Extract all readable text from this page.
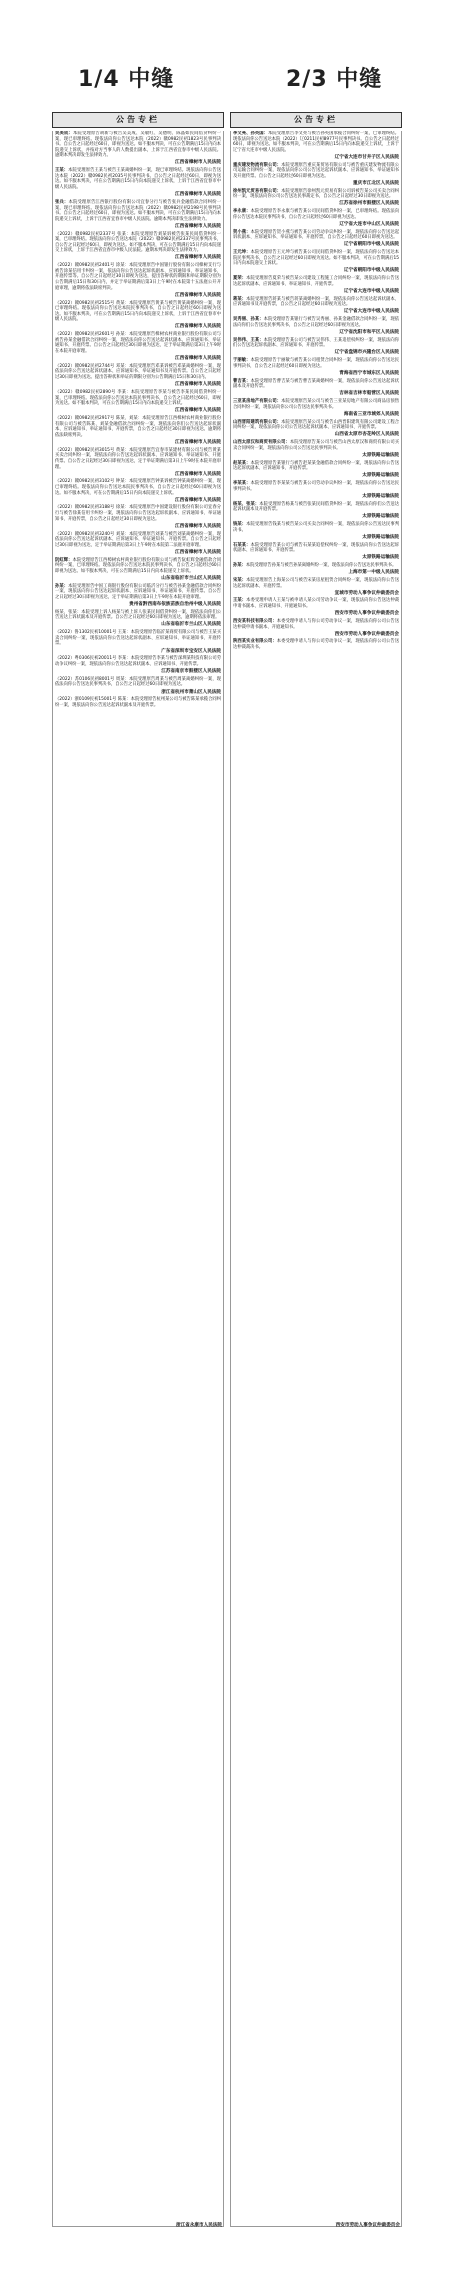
1/4 中缝	2/3 中缝
公告专栏

吴美成：本院受理原告胡新与被告吴美成、吴敏红、吴德明、陈晶如民间借贷纠纷一案，现已审理终结。现依法向你公告送达本院（2022）赣0982民初1823号民事判决书。自公告之日起经过60日，即视为送达。如不服本判决，可在公告期满后15日内向本院递交上诉状，并按对方当事人的人数提出副本，上诉于江西省宜春市中级人民法院。逾期本判决即发生法律效力。

江西省樟树市人民法院

王某：本院受理原告王某与被告王某离婚纠纷一案，现已审理终结。现依法向你公告送达本院（2022）赣0982民初2035号民事判决书。自公告之日起经过60日，即视为送达。如不服本判决，可在公告期满后15日内向本院递交上诉状，上诉于江西省宜春市中级人民法院。

江西省樟树市人民法院

张兵：本院受理原告江西银行股份有限公司宜春分行与被告张兵金融借款合同纠纷一案，现已审理终结。现依法向你公告送达本院（2022）赣0982民初2198号民事判决书。自公告之日起经过60日，即视为送达。如不服本判决，可在公告期满后15日内向本院递交上诉状，上诉于江西省宜春市中级人民法院。逾期本判决即发生法律效力。

江西省樟树市人民法院

（2022）赣0982民初2337号 张某：本院受理原告刘某诉被告张某民间借贷纠纷一案，已审理终结。现依法向你公告送达本院（2022）赣0982民初2337号民事判决书，自公告之日起经过60日，即视为送达。如不服本判决，可在公告期满后15日内向本院递交上诉状，上诉于江西省宜春市中级人民法院。逾期本判决即发生法律效力。

江西省樟树市人民法院

（2022）赣0982民初2401号 涂某：本院受理原告中国银行股份有限公司樟树支行与被告涂某信用卡纠纷一案，依法向你公告送达起诉状副本、应诉通知书、举证通知书、开庭传票等。自公告之日起经过30日即视为送达，提出答辩状的期限和举证期限分别为公告期满后15日和30日内，并定于举证期满后第3日上午9时在本院第十五法庭公开开庭审理，逾期将依法缺席判决。

江西省樟树市人民法院

（2022）赣0982民初2515号 黄某：本院受理原告黄某与被告黄某离婚纠纷一案，现已审理终结。现依法向你公告送达本院民事判决书，自公告之日起经过60日即视为送达。如不服本判决，可在公告期满后15日内向本院递交上诉状，上诉于江西省宜春市中级人民法院。

江西省樟树市人民法院

（2022）赣0982民初2601号 孙某：本院受理原告樟树农村商业银行股份有限公司与被告孙某金融借款合同纠纷一案，现依法向你公告送达起诉状副本、应诉通知书、举证通知书、开庭传票。自公告之日起经过30日即视为送达，定于举证期满后第3日上午9时在本院开庭审理。

江西省樟树市人民法院

（2022）赣0982民初2744号 邓某：本院受理原告邓某诉被告邓某离婚纠纷一案，现依法向你公告送达起诉状副本、应诉通知书、举证通知书及开庭传票。自公告之日起经过30日即视为送达。提出答辩状和举证的期限分别为公告期满后15日和30日内。

江西省樟树市人民法院

（2022）赣0982民初2890号 李某：本院受理原告李某与被告李某民间借贷纠纷一案，已审理终结。现依法向你公告送达本院民事判决书，自公告之日起经过60日，即视为送达。如不服本判决，可在公告期满后15日内向本院递交上诉状。

江西省樟树市人民法院

（2022）赣0982民初2917号 陈某、刘某：本院受理原告江西樟树农村商业银行股份有限公司与被告陈某、刘某金融借款合同纠纷一案，现依法向你们公告送达起诉状副本、应诉通知书、举证通知书、开庭传票，自公告之日起经过30日即视为送达。逾期将依法缺席判决。

江西省樟树市人民法院

（2022）赣0982民初3015号 黄某：本院受理原告宜春市某建材有限公司与被告黄某买卖合同纠纷一案，现依法向你公告送达起诉状副本、应诉通知书、举证通知书、开庭传票。自公告之日起经过30日即视为送达，定于举证期满后第3日上午9时在本院开庭审理。

江西省樟树市人民法院

（2022）赣0982民初3102号 钟某：本院受理原告钟某诉被告钟某离婚纠纷一案，现已审理终结。现依法向你公告送达本院民事判决书，自公告之日起经过60日即视为送达。如不服本判决，可在公告期满后15日内向本院递交上诉状。

江西省樟树市人民法院

（2022）赣0982民初3188号 徐某：本院受理原告中国建设银行股份有限公司宜春分行与被告徐某信用卡纠纷一案，现依法向你公告送达起诉状副本、应诉通知书、举证通知书、开庭传票，自公告之日起经过30日即视为送达。

江西省樟树市人民法院

（2022）赣0982民初3240号 刘某：本院受理原告刘某与被告刘某离婚纠纷一案，现依法向你公告送达起诉状副本、应诉通知书、举证通知书、开庭传票。自公告之日起经过30日即视为送达，定于举证期满后第3日上午9时在本院第二法庭开庭审理。

江西省樟树市人民法院

阮虹辉：本院受理原告江西樟树农村商业银行股份有限公司与被告阮虹辉金融借款合同纠纷一案，已审理终结。现依法向你公告送达本院民事判决书，自公告之日起经过60日即视为送达。如不服本判决，可在公告期满后15日内向本院递交上诉状。

山东省临沂市兰山区人民法院

孙某：本院受理原告中国工商银行股份有限公司临沂分行与被告孙某金融借款合同纠纷一案，现依法向你公告送达起诉状副本、应诉通知书、举证通知书、开庭传票。自公告之日起经过30日即视为送达，定于举证期满后第3日上午9时在本院开庭审理。

贵州省黔西南布依族苗族自治州中级人民法院

杨某、张某：本院受理上诉人杨某与被上诉人张某民间借贷纠纷一案，现依法向你们公告送达上诉状副本及开庭传票。自公告之日起经过60日即视为送达，逾期将依法审理。

山东省临沂市兰山区人民法院

（2022）鲁1302民初10001号 王某：本院受理原告临沂某商贸有限公司与被告王某买卖合同纠纷一案，现依法向你公告送达起诉状副本、应诉通知书、举证通知书、开庭传票。

广东省深圳市宝安区人民法院

（2022）粤0306民初20011号 李某：本院受理原告李某与被告深圳某科技有限公司劳动争议纠纷一案，现依法向你公告送达起诉状副本、应诉通知书、开庭传票。

江苏省南京市鼓楼区人民法院

（2022）苏0106民初8001号 周某：本院受理原告周某与被告周某离婚纠纷一案，现依法向你公告送达民事判决书，自公告之日起经过60日即视为送达。

浙江省杭州市萧山区人民法院

（2022）浙0109民初15001号 陈某：本院受理原告杭州某公司与被告陈某承揽合同纠纷一案，现依法向你公告送达起诉状副本及开庭传票。

浙江省永康市人民法院
公告专栏

李文亮、孙英国：本院受理原告李文亮与被告孙英国承揽合同纠纷一案，已审理终结。现依法向你公告送达本院（2022）辽0211民初8977号民事判决书。自公告之日起经过60日，即视为送达。如不服本判决，可在公告期满后15日内向本院递交上诉状，上诉于辽宁省大连市中级人民法院。

辽宁省大连市甘井子区人民法院

重庆建发物流有限公司：本院受理原告重庆某贸易有限公司与被告重庆建发物流有限公司运输合同纠纷一案，现依法向你公司公告送达起诉状副本、应诉通知书、举证通知书及开庭传票。自公告之日起经过60日即视为送达。

重庆市江北区人民法院

徐州凯元贸易有限公司：本院受理原告徐州凯元贸易有限公司诉被告某公司买卖合同纠纷一案，现依法向你公司公告送达民事裁定书，自公告之日起经过30日即视为送达。

江苏省徐州市鼓楼区人民法院

李永康：本院受理原告李永康与被告某公司民间借贷纠纷一案，已审理终结。现依法向你公告送达本院民事判决书，自公告之日起经过60日即视为送达。

辽宁省大连市中山区人民法院

贺小燕：本院受理原告贺小燕与被告某公司劳动争议纠纷一案，现依法向你公告送达起诉状副本、应诉通知书、举证通知书、开庭传票，自公告之日起经过60日即视为送达。

辽宁省朝阳市中级人民法院

王元坤：本院受理原告王元坤与被告某公司民间借贷纠纷一案，现依法向你公告送达本院民事判决书，自公告之日起经过60日即视为送达。如不服本判决，可在公告期满后15日内向本院递交上诉状。

辽宁省朝阳市中级人民法院

夏荣：本院受理原告夏荣与被告某公司建设工程施工合同纠纷一案，现依法向你公告送达起诉状副本、应诉通知书、举证通知书、开庭传票。

辽宁省大连市中级人民法院

蒋某：本院受理原告蒋某与被告蒋某离婚纠纷一案，现依法向你公告送达起诉状副本、应诉通知书及开庭传票，自公告之日起经过60日即视为送达。

辽宁省大连市中级人民法院

吴秀丽、孙某：本院受理原告某银行与被告吴秀丽、孙某金融借款合同纠纷一案，现依法向你们公告送达民事判决书，自公告之日起经过60日即视为送达。

辽宁省沈阳市和平区人民法院

吴伟伟、王某：本院受理原告某公司与被告吴伟伟、王某追偿权纠纷一案，现依法向你们公告送达起诉状副本、应诉通知书、开庭传票。

辽宁省盘锦市兴隆台区人民法院

于丽敏：本院受理原告于丽敏与被告某公司租赁合同纠纷一案，现依法向你公告送达民事判决书，自公告之日起经过60日即视为送达。

青海省西宁市城东区人民法院

曹吉某：本院受理原告曹吉某与被告曹吉某离婚纠纷一案，现依法向你公告送达起诉状副本及开庭传票。

吉林省吉林市船营区人民法院

三亚某房地产有限公司：本院受理原告某公司与被告三亚某房地产有限公司商品房预售合同纠纷一案，现依法向你公司公告送达民事判决书。

海南省三亚市城郊人民法院

山西晋阳建筑有限公司：本院受理原告某公司与被告山西晋阳建筑有限公司建设工程合同纠纷一案，现依法向你公司公告送达起诉状副本、应诉通知书、开庭传票。

山西省太原市杏花岭区人民法院

山西太原汉和商贸有限公司：本院受理原告某公司与被告山西太原汉和商贸有限公司买卖合同纠纷一案，现依法向你公司公告送达民事判决书。

太原铁路运输法院

赵某某：本院受理原告某银行与被告赵某某金融借款合同纠纷一案，现依法向你公告送达起诉状副本、应诉通知书、开庭传票。

太原铁路运输法院

李某某：本院受理原告李某某与被告某公司劳动争议纠纷一案，现依法向你公告送达民事判决书。

太原铁路运输法院

杨某、张某：本院受理原告杨某与被告张某民间借贷纠纷一案，现依法向你们公告送达起诉状副本及开庭传票。

太原铁路运输法院

钱某：本院受理原告钱某与被告某公司买卖合同纠纷一案，现依法向你公告送达民事判决书。

太原铁路运输法院

石某某：本院受理原告某公司与被告石某某追偿权纠纷一案，现依法向你公告送达起诉状副本、应诉通知书、开庭传票。

太原铁路运输法院

孙某：本院受理原告孙某与被告孙某离婚纠纷一案，现依法向你公告送达民事判决书。

上海市第一中级人民法院

宋某：本院受理原告上海某公司与被告宋某房屋租赁合同纠纷一案，现依法向你公告送达起诉状副本、开庭传票。

宣城市劳动人事争议仲裁委员会

王某：本委受理申请人王某与被申请人某公司劳动争议一案，现依法向你公告送达仲裁申请书副本、应诉通知书、开庭通知书。

西安市劳动人事争议仲裁委员会

西安某科技有限公司：本委受理申请人与你公司劳动争议一案，现依法向你公司公告送达仲裁申请书副本、开庭通知书。

西安市劳动人事争议仲裁委员会

陕西某实业有限公司：本委受理申请人与你公司劳动争议一案，现依法向你公司公告送达仲裁裁决书。

西安市劳动人事争议仲裁委员会
